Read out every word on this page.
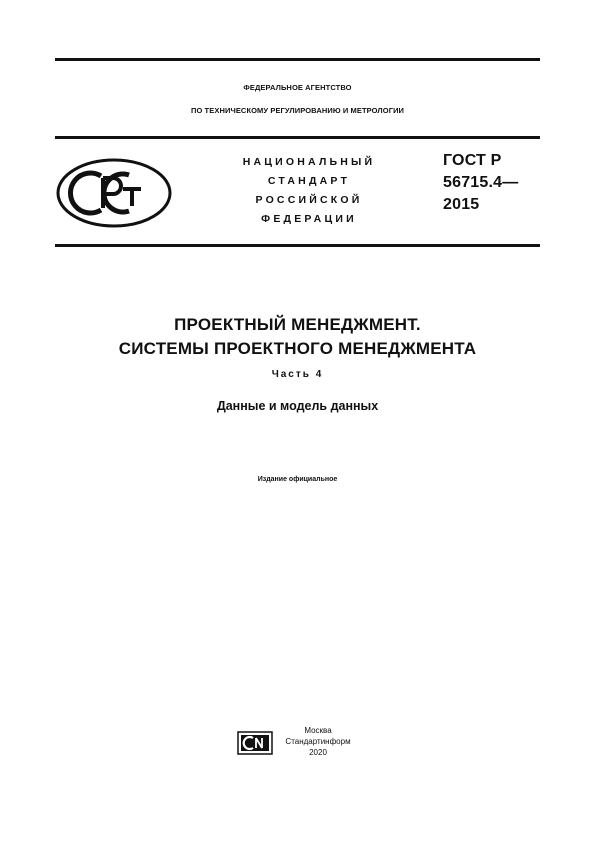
ФЕДЕРАЛЬНОЕ АГЕНТСТВО
ПО ТЕХНИЧЕСКОМУ РЕГУЛИРОВАНИЮ И МЕТРОЛОГИИ
НАЦИОНАЛЬНЫЙ
СТАНДАРТ
РОССИЙСКОЙ
ФЕДЕРАЦИИ
ГОСТ Р
56715.4—
2015
ПРОЕКТНЫЙ МЕНЕДЖМЕНТ.
СИСТЕМЫ ПРОЕКТНОГО МЕНЕДЖМЕНТА
Часть 4
Данные и модель данных
Издание официальное
Москва
Стандартинформ
2020
